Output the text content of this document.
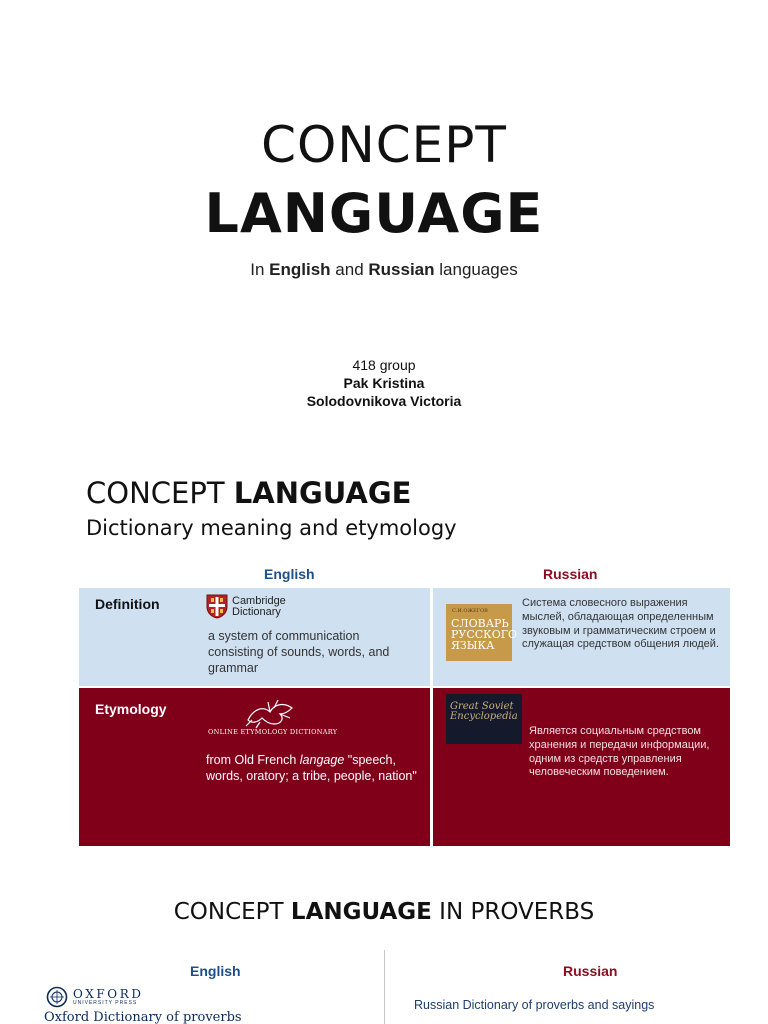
CONCEPT
LANGUAGE
In English and Russian languages
418 group
Pak Kristina
Solodovnikova Victoria
CONCEPT LANGUAGE
Dictionary meaning and etymology
English	Russian
Definition
Etymology
Cambridge
Dictionary
a system of communication consisting of sounds, words, and grammar
С.И.ОЖЕГОВ
СЛОВАРЬ РУССКОГО ЯЗЫКА
Система словесного выражения мыслей, обладающая определенным звуковым и грамматическим строем и служащая средством общения людей.
ONLINE ETYMOLOGY DICTIONARY
from Old French langage "speech, words, oratory; a tribe, people, nation"
Great Soviet Encyclopedia
Является социальным средством хранения и передачи информации, одним из средств управления человеческим поведением.
CONCEPT LANGUAGE IN PROVERBS
English	Russian
OXFORD
UNIVERSITY PRESS
Oxford Dictionary of proverbs
Russian Dictionary of proverbs and sayings
